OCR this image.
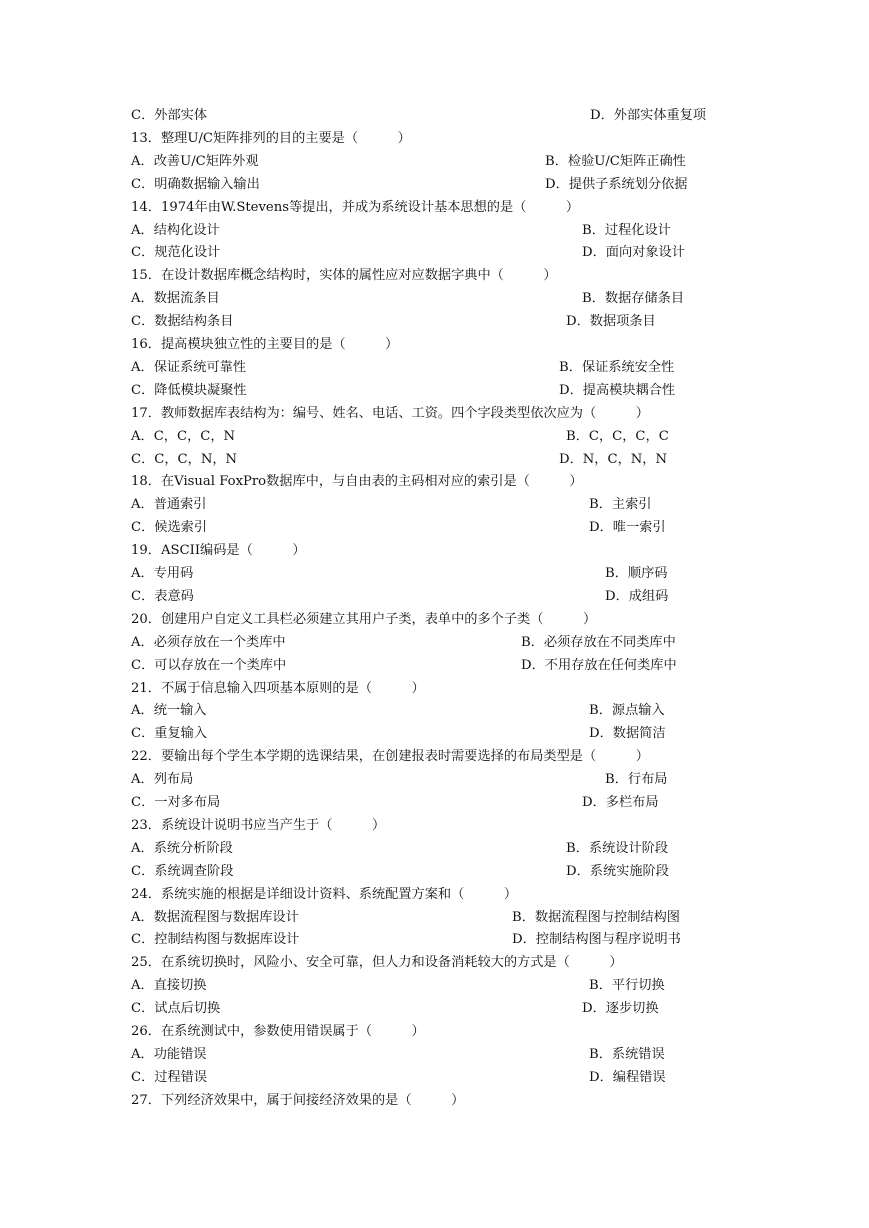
C．外部实体	D．外部实体重复项
13．整理U/C矩阵排列的目的主要是（　　　）
A．改善U/C矩阵外观	B．检验U/C矩阵正确性
C．明确数据输入输出	D．提供子系统划分依据
14．1974年由W.Stevens等提出，并成为系统设计基本思想的是（　　　）
A．结构化设计	B．过程化设计
C．规范化设计	D．面向对象设计
15．在设计数据库概念结构时，实体的属性应对应数据字典中（　　　）
A．数据流条目	B．数据存储条目
C．数据结构条目	D．数据项条目
16．提高模块独立性的主要目的是（　　　）
A．保证系统可靠性	B．保证系统安全性
C．降低模块凝聚性	D．提高模块耦合性
17．教师数据库表结构为：编号、姓名、电话、工资。四个字段类型依次应为（　　　）
A．C，C，C，N	B．C，C，C，C
C．C，C，N，N	D．N，C，N，N
18．在Visual FoxPro数据库中，与自由表的主码相对应的索引是（　　　）
A．普通索引	B．主索引
C．候选索引	D．唯一索引
19．ASCII编码是（　　　）
A．专用码	B．顺序码
C．表意码	D．成组码
20．创建用户自定义工具栏必须建立其用户子类，表单中的多个子类（　　　）
A．必须存放在一个类库中	B．必须存放在不同类库中
C．可以存放在一个类库中	D．不用存放在任何类库中
21．不属于信息输入四项基本原则的是（　　　）
A．统一输入	B．源点输入
C．重复输入	D．数据简洁
22．要输出每个学生本学期的选课结果，在创建报表时需要选择的布局类型是（　　　）
A．列布局	B．行布局
C．一对多布局	D．多栏布局
23．系统设计说明书应当产生于（　　　）
A．系统分析阶段	B．系统设计阶段
C．系统调查阶段	D．系统实施阶段
24．系统实施的根据是详细设计资料、系统配置方案和（　　　）
A．数据流程图与数据库设计	B．数据流程图与控制结构图
C．控制结构图与数据库设计	D．控制结构图与程序说明书
25．在系统切换时，风险小、安全可靠，但人力和设备消耗较大的方式是（　　　）
A．直接切换	B．平行切换
C．试点后切换	D．逐步切换
26．在系统测试中，参数使用错误属于（　　　）
A．功能错误	B．系统错误
C．过程错误	D．编程错误
27．下列经济效果中，属于间接经济效果的是（　　　）
